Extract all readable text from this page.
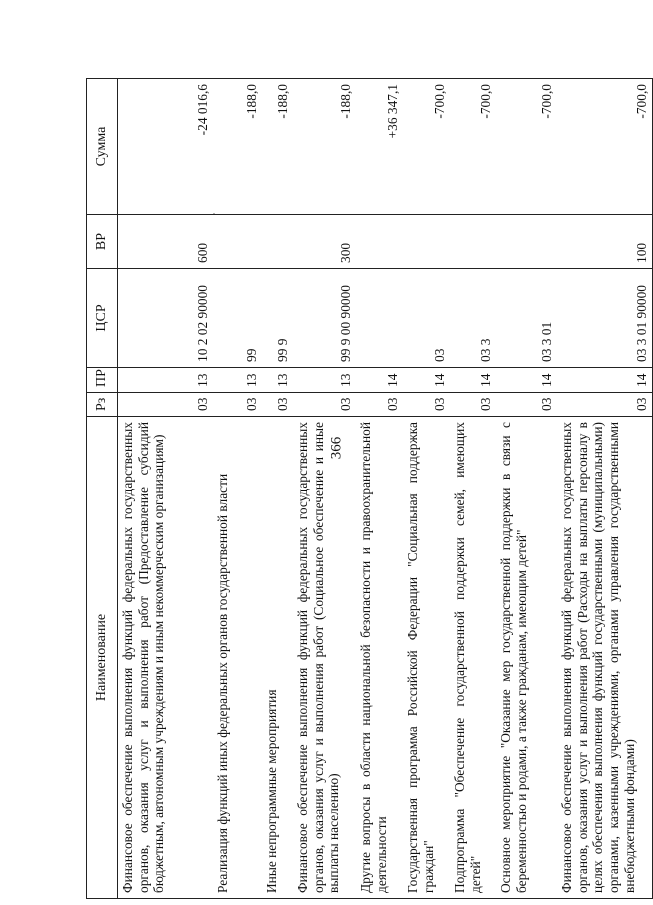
366
Наименование	Рз	ПР	ЦСР	ВР	Сумма
Финансовое обеспечение выполнения функций федеральных государственных органов, оказания услуг и выполнения работ (Предоставление субсидий бюджетным, автономным учреждениям и иным некоммерческим организациям)	03	13	10 2 02 90000	600	-24 016,6
Реализация функций иных федеральных органов государственной власти	03	13	99		-188,0
Иные непрограммные мероприятия	03	13	99 9		-188,0
Финансовое обеспечение выполнения функций федеральных государственных органов, оказания услуг и выполнения работ (Социальное обеспечение и иные выплаты населению)	03	13	99 9 00 90000	300	-188,0
Другие вопросы в области национальной безопасности и правоохранительной деятельности	03	14			+36 347,1
Государственная программа Российской Федерации "Социальная поддержка граждан"	03	14	03		-700,0
Подпрограмма "Обеспечение государственной поддержки семей, имеющих детей"	03	14	03 3		-700,0
Основное мероприятие "Оказание мер государственной поддержки в связи с беременностью и родами, а также гражданам, имеющим детей"	03	14	03 3 01		-700,0
Финансовое обеспечение выполнения функций федеральных государственных органов, оказания услуг и выполнения работ (Расходы на выплаты персоналу в целях обеспечения выполнения функций государственными (муниципальными) органами, казенными учреждениями, органами управления государственными внебюджетными фондами)	03	14	03 3 01 90000	100	-700,0
